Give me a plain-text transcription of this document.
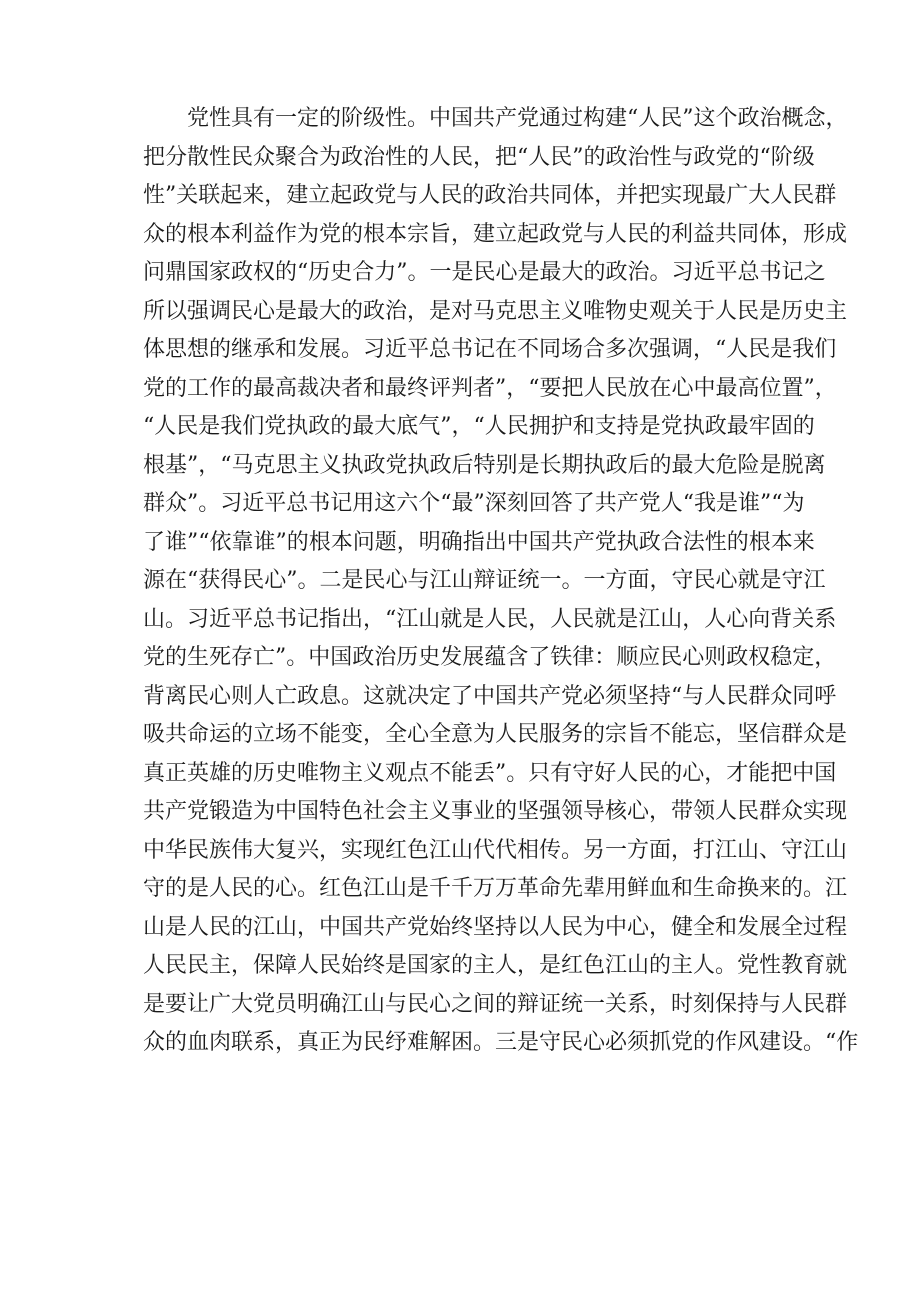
党性具有一定的阶级性。中国共产党通过构建“人民”这个政治概念，
把分散性民众聚合为政治性的人民，把“人民”的政治性与政党的“阶级
性”关联起来，建立起政党与人民的政治共同体，并把实现最广大人民群
众的根本利益作为党的根本宗旨，建立起政党与人民的利益共同体，形成
问鼎国家政权的“历史合力”。一是民心是最大的政治。习近平总书记之
所以强调民心是最大的政治，是对马克思主义唯物史观关于人民是历史主
体思想的继承和发展。习近平总书记在不同场合多次强调，“人民是我们
党的工作的最高裁决者和最终评判者”，“要把人民放在心中最高位置”，
“人民是我们党执政的最大底气”，“人民拥护和支持是党执政最牢固的
根基”，“马克思主义执政党执政后特别是长期执政后的最大危险是脱离
群众”。习近平总书记用这六个“最”深刻回答了共产党人“我是谁”“为
了谁”“依靠谁”的根本问题，明确指出中国共产党执政合法性的根本来
源在“获得民心”。二是民心与江山辩证统一。一方面，守民心就是守江
山。习近平总书记指出，“江山就是人民，人民就是江山，人心向背关系
党的生死存亡”。中国政治历史发展蕴含了铁律：顺应民心则政权稳定，
背离民心则人亡政息。这就决定了中国共产党必须坚持“与人民群众同呼
吸共命运的立场不能变，全心全意为人民服务的宗旨不能忘，坚信群众是
真正英雄的历史唯物主义观点不能丢”。只有守好人民的心，才能把中国
共产党锻造为中国特色社会主义事业的坚强领导核心，带领人民群众实现
中华民族伟大复兴，实现红色江山代代相传。另一方面，打江山、守江山
守的是人民的心。红色江山是千千万万革命先辈用鲜血和生命换来的。江
山是人民的江山，中国共产党始终坚持以人民为中心，健全和发展全过程
人民民主，保障人民始终是国家的主人，是红色江山的主人。党性教育就
是要让广大党员明确江山与民心之间的辩证统一关系，时刻保持与人民群
众的血肉联系，真正为民纾难解困。三是守民心必须抓党的作风建设。“作
